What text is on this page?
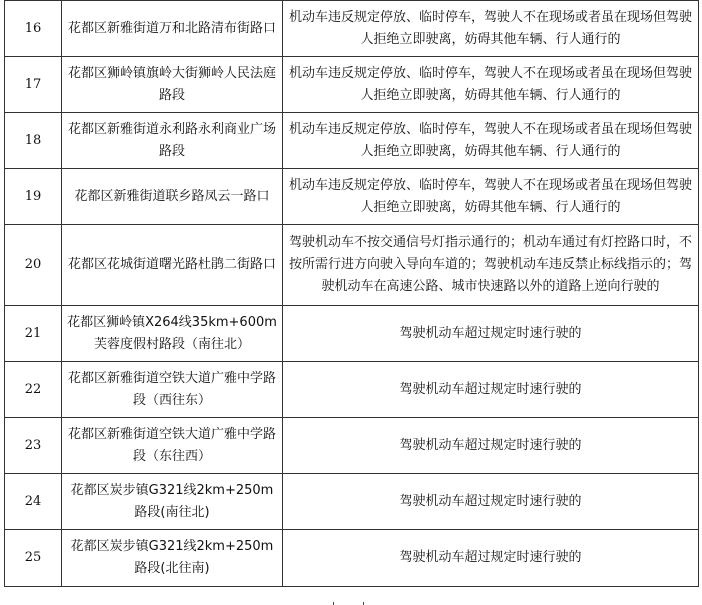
16	花都区新雅街道万和北路清布街路口	机动车违反规定停放、临时停车，驾驶人不在现场或者虽在现场但驾驶人拒绝立即驶离，妨碍其他车辆、行人通行的
17	花都区狮岭镇旗岭大街狮岭人民法庭路段	机动车违反规定停放、临时停车，驾驶人不在现场或者虽在现场但驾驶人拒绝立即驶离，妨碍其他车辆、行人通行的
18	花都区新雅街道永利路永利商业广场路段	机动车违反规定停放、临时停车，驾驶人不在现场或者虽在现场但驾驶人拒绝立即驶离，妨碍其他车辆、行人通行的
19	花都区新雅街道联乡路凤云一路口	机动车违反规定停放、临时停车，驾驶人不在现场或者虽在现场但驾驶人拒绝立即驶离，妨碍其他车辆、行人通行的
20	花都区花城街道曙光路杜鹃二街路口	驾驶机动车不按交通信号灯指示通行的；机动车通过有灯控路口时，不按所需行进方向驶入导向车道的；驾驶机动车违反禁止标线指示的；驾驶机动车在高速公路、城市快速路以外的道路上逆向行驶的
21	花都区狮岭镇X264线35km+600m芙蓉度假村路段（南往北）	驾驶机动车超过规定时速行驶的
22	花都区新雅街道空铁大道广雅中学路段（西往东）	驾驶机动车超过规定时速行驶的
23	花都区新雅街道空铁大道广雅中学路段（东往西）	驾驶机动车超过规定时速行驶的
24	花都区炭步镇G321线2km+250m路段(南往北)	驾驶机动车超过规定时速行驶的
25	花都区炭步镇G321线2km+250m路段(北往南)	驾驶机动车超过规定时速行驶的
